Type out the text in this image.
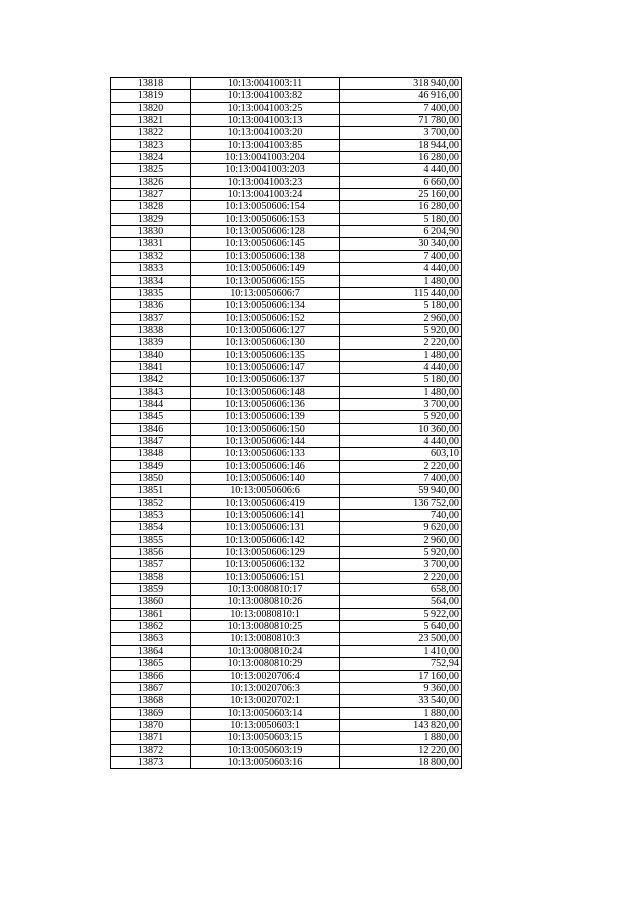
13818	10:13:0041003:11	318 940,00
13819	10:13:0041003:82	46 916,00
13820	10:13:0041003:25	7 400,00
13821	10:13:0041003:13	71 780,00
13822	10:13:0041003:20	3 700,00
13823	10:13:0041003:85	18 944,00
13824	10:13:0041003:204	16 280,00
13825	10:13:0041003:203	4 440,00
13826	10:13:0041003:23	6 660,00
13827	10:13:0041003:24	25 160,00
13828	10:13:0050606:154	16 280,00
13829	10:13:0050606:153	5 180,00
13830	10:13:0050606:128	6 204,90
13831	10:13:0050606:145	30 340,00
13832	10:13:0050606:138	7 400,00
13833	10:13:0050606:149	4 440,00
13834	10:13:0050606:155	1 480,00
13835	10:13:0050606:7	115 440,00
13836	10:13:0050606:134	5 180,00
13837	10:13:0050606:152	2 960,00
13838	10:13:0050606:127	5 920,00
13839	10:13:0050606:130	2 220,00
13840	10:13:0050606:135	1 480,00
13841	10:13:0050606:147	4 440,00
13842	10:13:0050606:137	5 180,00
13843	10:13:0050606:148	1 480,00
13844	10:13:0050606:136	3 700,00
13845	10:13:0050606:139	5 920,00
13846	10:13:0050606:150	10 360,00
13847	10:13:0050606:144	4 440,00
13848	10:13:0050606:133	603,10
13849	10:13:0050606:146	2 220,00
13850	10:13:0050606:140	7 400,00
13851	10:13:0050606:6	59 940,00
13852	10:13:0050606:419	136 752,00
13853	10:13:0050606:141	740,00
13854	10:13:0050606:131	9 620,00
13855	10:13:0050606:142	2 960,00
13856	10:13:0050606:129	5 920,00
13857	10:13:0050606:132	3 700,00
13858	10:13:0050606:151	2 220,00
13859	10:13:0080810:17	658,00
13860	10:13:0080810:26	564,00
13861	10:13:0080810:1	5 922,00
13862	10:13:0080810:25	5 640,00
13863	10:13:0080810:3	23 500,00
13864	10:13:0080810:24	1 410,00
13865	10:13:0080810:29	752,94
13866	10:13:0020706:4	17 160,00
13867	10:13:0020706:3	9 360,00
13868	10:13:0020702:1	33 540,00
13869	10:13:0050603:14	1 880,00
13870	10:13:0050603:1	143 820,00
13871	10:13:0050603:15	1 880,00
13872	10:13:0050603:19	12 220,00
13873	10:13:0050603:16	18 800,00
